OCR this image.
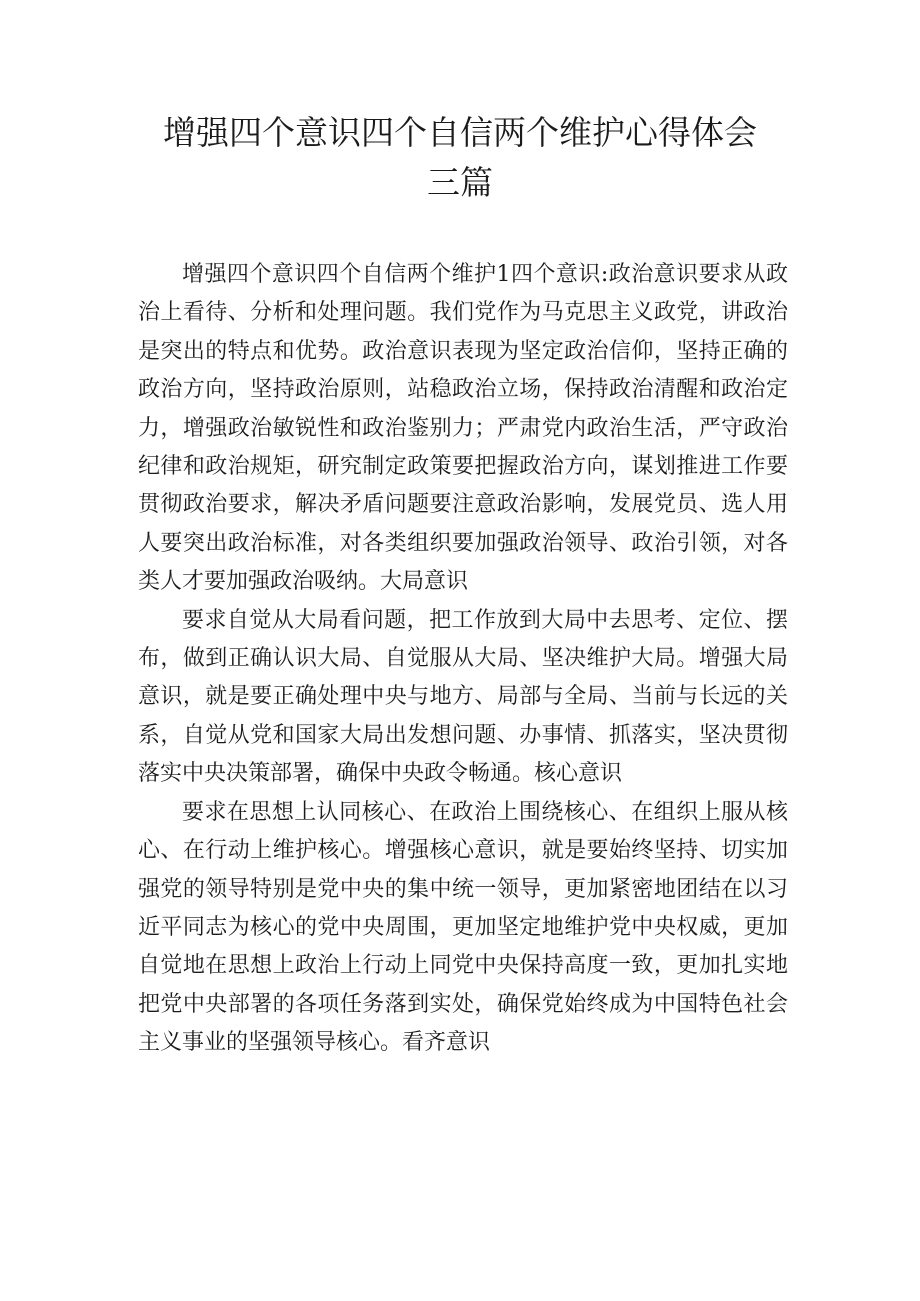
增强四个意识四个自信两个维护心得体会
三篇

增强四个意识四个自信两个维护1四个意识:政治意识要求从政治上看待、分析和处理问题。我们党作为马克思主义政党，讲政治是突出的特点和优势。政治意识表现为坚定政治信仰，坚持正确的政治方向，坚持政治原则，站稳政治立场，保持政治清醒和政治定力，增强政治敏锐性和政治鉴别力；严肃党内政治生活，严守政治纪律和政治规矩，研究制定政策要把握政治方向，谋划推进工作要贯彻政治要求，解决矛盾问题要注意政治影响，发展党员、选人用人要突出政治标准，对各类组织要加强政治领导、政治引领，对各类人才要加强政治吸纳。大局意识

要求自觉从大局看问题，把工作放到大局中去思考、定位、摆布，做到正确认识大局、自觉服从大局、坚决维护大局。增强大局意识，就是要正确处理中央与地方、局部与全局、当前与长远的关系，自觉从党和国家大局出发想问题、办事情、抓落实，坚决贯彻落实中央决策部署，确保中央政令畅通。核心意识

要求在思想上认同核心、在政治上围绕核心、在组织上服从核心、在行动上维护核心。增强核心意识，就是要始终坚持、切实加强党的领导特别是党中央的集中统一领导，更加紧密地团结在以习近平同志为核心的党中央周围，更加坚定地维护党中央权威，更加自觉地在思想上政治上行动上同党中央保持高度一致，更加扎实地把党中央部署的各项任务落到实处，确保党始终成为中国特色社会主义事业的坚强领导核心。看齐意识
